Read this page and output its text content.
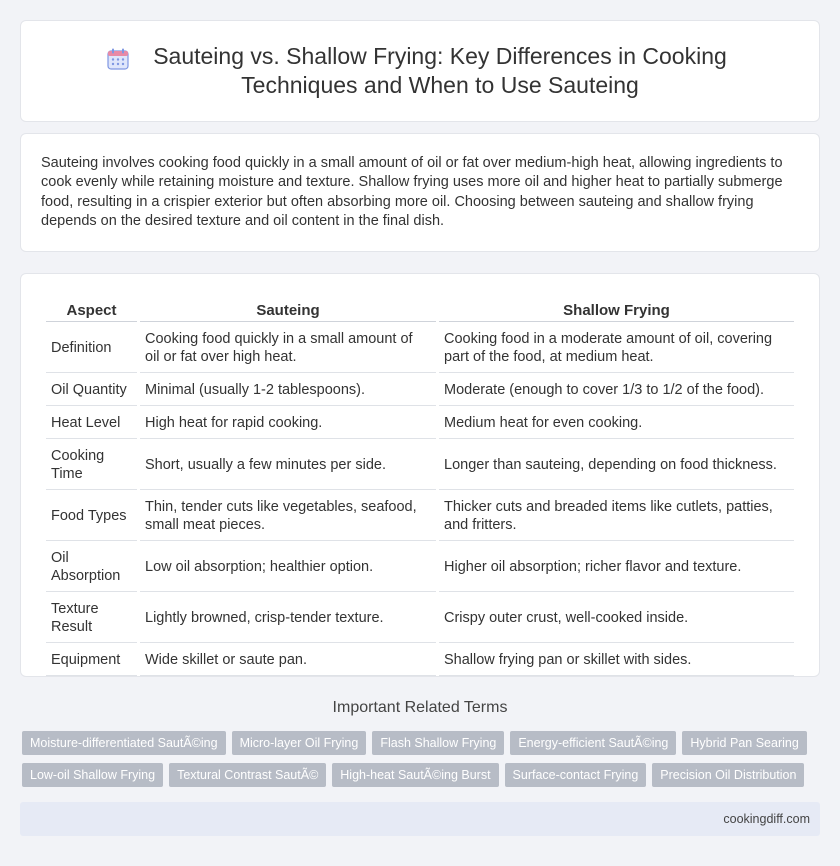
Sauteing vs. Shallow Frying: Key Differences in Cooking Techniques and When to Use Sauteing

Sauteing involves cooking food quickly in a small amount of oil or fat over medium-high heat, allowing ingredients to cook evenly while retaining moisture and texture. Shallow frying uses more oil and higher heat to partially submerge food, resulting in a crispier exterior but often absorbing more oil. Choosing between sauteing and shallow frying depends on the desired texture and oil content in the final dish.

Aspect	Sauteing	Shallow Frying
Definition	Cooking food quickly in a small amount of oil or fat over high heat.	Cooking food in a moderate amount of oil, covering part of the food, at medium heat.
Oil Quantity	Minimal (usually 1-2 tablespoons).	Moderate (enough to cover 1/3 to 1/2 of the food).
Heat Level	High heat for rapid cooking.	Medium heat for even cooking.
Cooking Time	Short, usually a few minutes per side.	Longer than sauteing, depending on food thickness.
Food Types	Thin, tender cuts like vegetables, seafood, small meat pieces.	Thicker cuts and breaded items like cutlets, patties, and fritters.
Oil Absorption	Low oil absorption; healthier option.	Higher oil absorption; richer flavor and texture.
Texture Result	Lightly browned, crisp-tender texture.	Crispy outer crust, well-cooked inside.
Equipment	Wide skillet or saute pan.	Shallow frying pan or skillet with sides.
Important Related Terms
Moisture-differentiated SautÃ©ing	Micro-layer Oil Frying	Flash Shallow Frying	Energy-efficient SautÃ©ing	Hybrid Pan Searing
Low-oil Shallow Frying	Textural Contrast SautÃ©	High-heat SautÃ©ing Burst	Surface-contact Frying	Precision Oil Distribution
cookingdiff.com
